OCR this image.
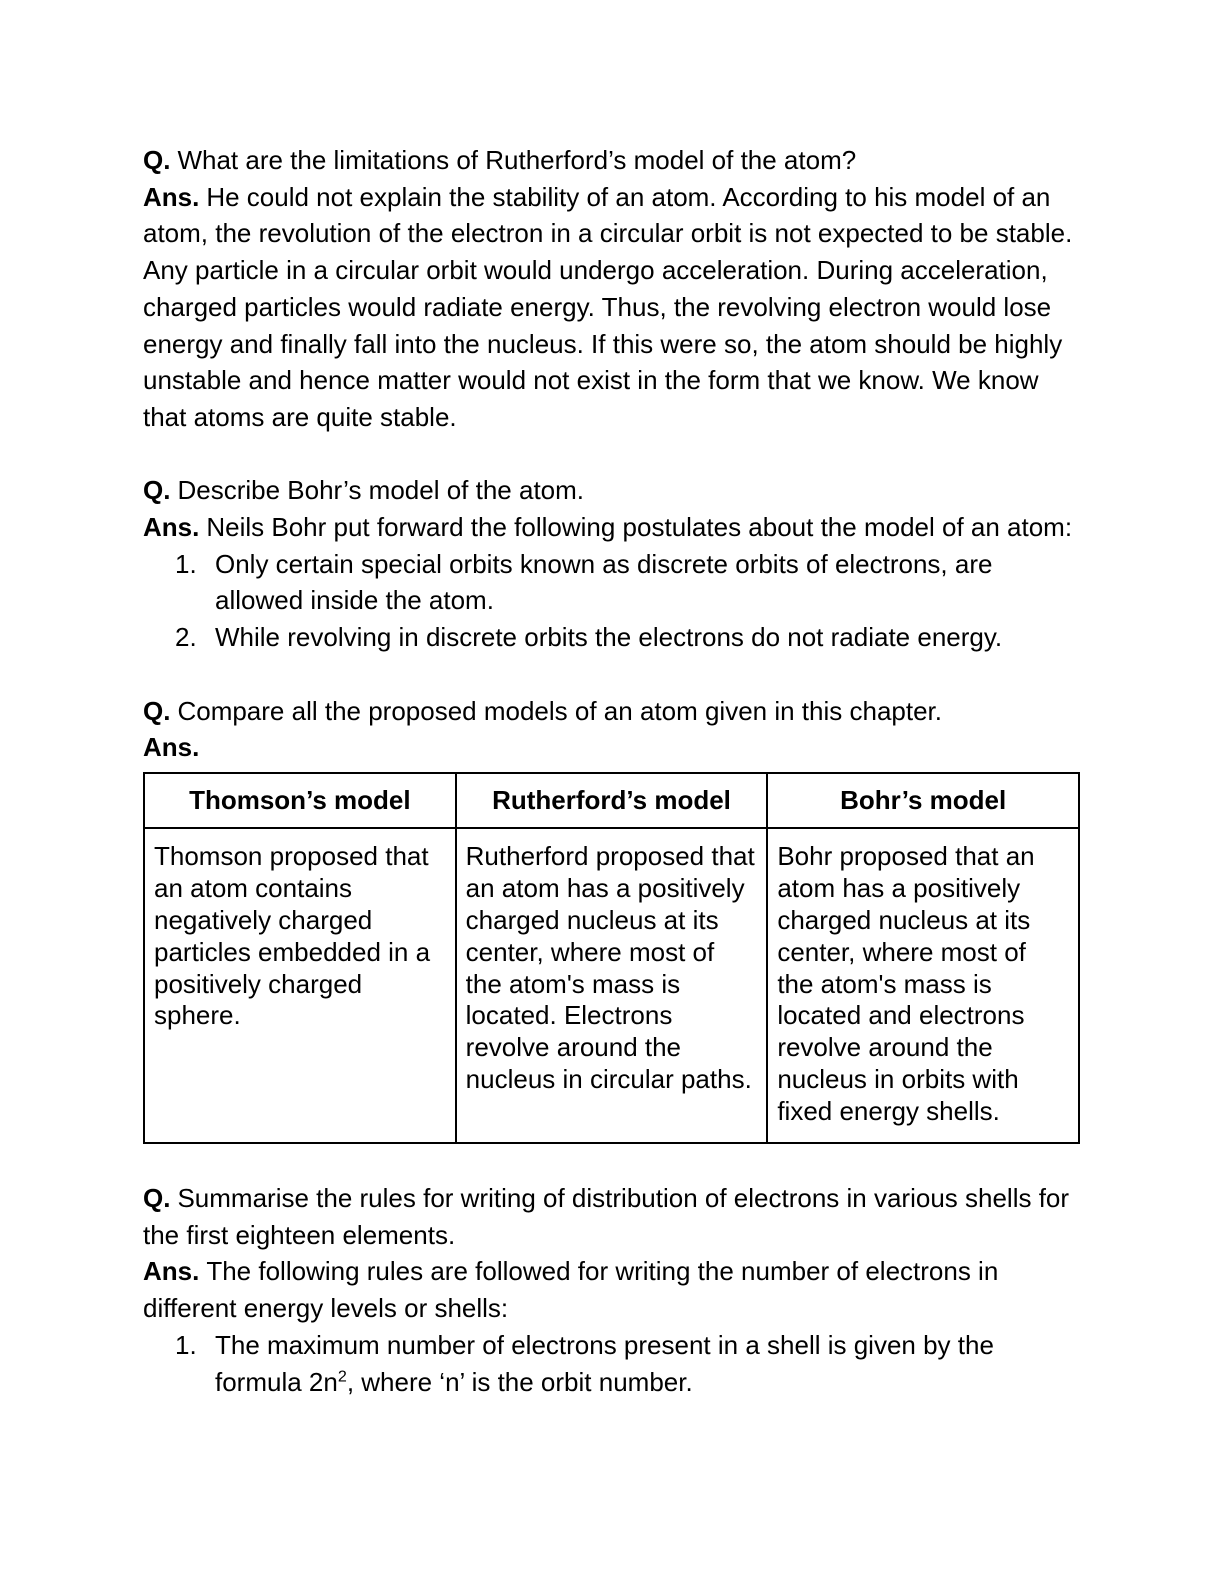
Q. What are the limitations of Rutherford’s model of the atom?

Ans. He could not explain the stability of an atom. According to his model of an atom, the revolution of the electron in a circular orbit is not expected to be stable. Any particle in a circular orbit would undergo acceleration. During acceleration, charged particles would radiate energy. Thus, the revolving electron would lose energy and finally fall into the nucleus. If this were so, the atom should be highly unstable and hence matter would not exist in the form that we know. We know that atoms are quite stable.

Q. Describe Bohr’s model of the atom.

Ans. Neils Bohr put forward the following postulates about the model of an atom:

1. Only certain special orbits known as discrete orbits of electrons, are allowed inside the atom.
2. While revolving in discrete orbits the electrons do not radiate energy.

Q. Compare all the proposed models of an atom given in this chapter.

Ans.

Thomson’s model	Rutherford’s model	Bohr’s model
Thomson proposed that an atom contains negatively charged particles embedded in a positively charged sphere.	Rutherford proposed that an atom has a positively charged nucleus at its center, where most of the atom's mass is located. Electrons revolve around the nucleus in circular paths.	Bohr proposed that an atom has a positively charged nucleus at its center, where most of the atom's mass is located and electrons revolve around the nucleus in orbits with fixed energy shells.

Q. Summarise the rules for writing of distribution of electrons in various shells for the first eighteen elements.

Ans. The following rules are followed for writing the number of electrons in different energy levels or shells:

1. The maximum number of electrons present in a shell is given by the formula $2n^2$, where ‘n’ is the orbit number.
